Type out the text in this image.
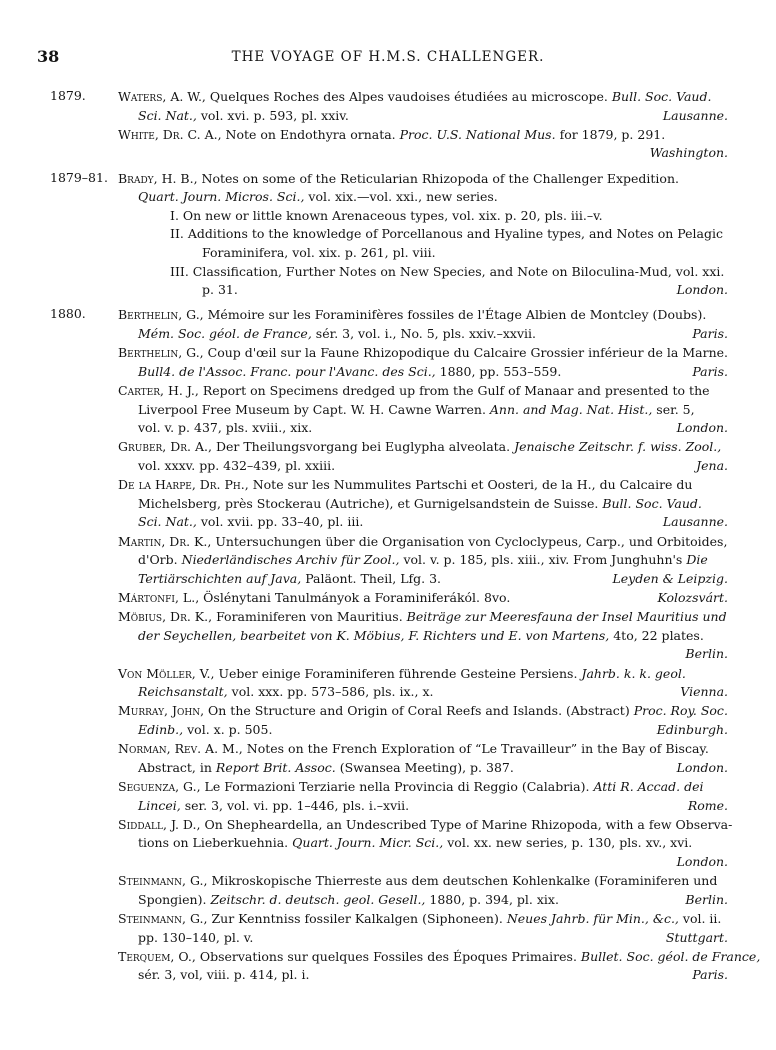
38	THE VOYAGE OF H.M.S. CHALLENGER.
1879.	Waters, A. W., Quelques Roches des Alpes vaudoises étudiées au microscope. Bull. Soc. Vaud.
Sci. Nat., vol. xvi. p. 593, pl. xxiv.	Lausanne.
White, Dr. C. A., Note on Endothyra ornata. Proc. U.S. National Mus. for 1879, p. 291.
Washington.
1879–81. Brady, H. B., Notes on some of the Reticularian Rhizopoda of the Challenger Expedition.
Quart. Journ. Micros. Sci., vol. xix.—vol. xxi., new series.
I. On new or little known Arenaceous types, vol. xix. p. 20, pls. iii.–v.
II. Additions to the knowledge of Porcellanous and Hyaline types, and Notes on Pelagic
Foraminifera, vol. xix. p. 261, pl. viii.
III. Classification, Further Notes on New Species, and Note on Biloculina-Mud, vol. xxi.
p. 31.	London.
1880.	Berthelin, G., Mémoire sur les Foraminifères fossiles de l'Étage Albien de Montcley (Doubs).
Mém. Soc. géol. de France, sér. 3, vol. i., No. 5, pls. xxiv.–xxvii.	Paris.
Berthelin, G., Coup d'œil sur la Faune Rhizopodique du Calcaire Grossier inférieur de la Marne.
Bull4. de l'Assoc. Franc. pour l'Avanc. des Sci., 1880, pp. 553–559.	Paris.
Carter, H. J., Report on Specimens dredged up from the Gulf of Manaar and presented to the
Liverpool Free Museum by Capt. W. H. Cawne Warren. Ann. and Mag. Nat. Hist., ser. 5,
vol. v. p. 437, pls. xviii., xix.	London.
Gruber, Dr. A., Der Theilungsvorgang bei Euglypha alveolata. Jenaische Zeitschr. f. wiss. Zool.,
vol. xxxv. pp. 432–439, pl. xxiii.	Jena.
De la Harpe, Dr. Ph., Note sur les Nummulites Partschi et Oosteri, de la H., du Calcaire du
Michelsberg, près Stockerau (Autriche), et Gurnigelsandstein de Suisse. Bull. Soc. Vaud.
Sci. Nat., vol. xvii. pp. 33–40, pl. iii.	Lausanne.
Martin, Dr. K., Untersuchungen über die Organisation von Cycloclypeus, Carp., und Orbitoides,
d'Orb. Niederländisches Archiv für Zool., vol. v. p. 185, pls. xiii., xiv. From Junghuhn's Die
Tertiärschichten auf Java, Paläont. Theil, Lfg. 3.	Leyden & Leipzig.
Mártonfi, L., Öslénytani Tanulmányok a Foraminiferákól. 8vo.	Kolozsvárt.
Möbius, Dr. K., Foraminiferen von Mauritius. Beiträge zur Meeresfauna der Insel Mauritius und
der Seychellen, bearbeitet von K. Möbius, F. Richters und E. von Martens, 4to, 22 plates.
Berlin.
Von Möller, V., Ueber einige Foraminiferen führende Gesteine Persiens. Jahrb. k. k. geol.
Reichsanstalt, vol. xxx. pp. 573–586, pls. ix., x.	Vienna.
Murray, John, On the Structure and Origin of Coral Reefs and Islands. (Abstract) Proc. Roy. Soc.
Edinb., vol. x. p. 505.	Edinburgh.
Norman, Rev. A. M., Notes on the French Exploration of “Le Travailleur” in the Bay of Biscay.
Abstract, in Report Brit. Assoc. (Swansea Meeting), p. 387.	London.
Seguenza, G., Le Formazioni Terziarie nella Provincia di Reggio (Calabria). Atti R. Accad. dei
Lincei, ser. 3, vol. vi. pp. 1–446, pls. i.–xvii.	Rome.
Siddall, J. D., On Shepheardella, an Undescribed Type of Marine Rhizopoda, with a few Observa-
tions on Lieberkuehnia. Quart. Journ. Micr. Sci., vol. xx. new series, p. 130, pls. xv., xvi.
London.
Steinmann, G., Mikroskopische Thierreste aus dem deutschen Kohlenkalke (Foraminiferen und
Spongien). Zeitschr. d. deutsch. geol. Gesell., 1880, p. 394, pl. xix.	Berlin.
Steinmann, G., Zur Kenntniss fossiler Kalkalgen (Siphoneen). Neues Jahrb. für Min., &c., vol. ii.
pp. 130–140, pl. v.	Stuttgart.
Terquem, O., Observations sur quelques Fossiles des Époques Primaires. Bullet. Soc. géol. de France,
sér. 3, vol, viii. p. 414, pl. i.	Paris.
